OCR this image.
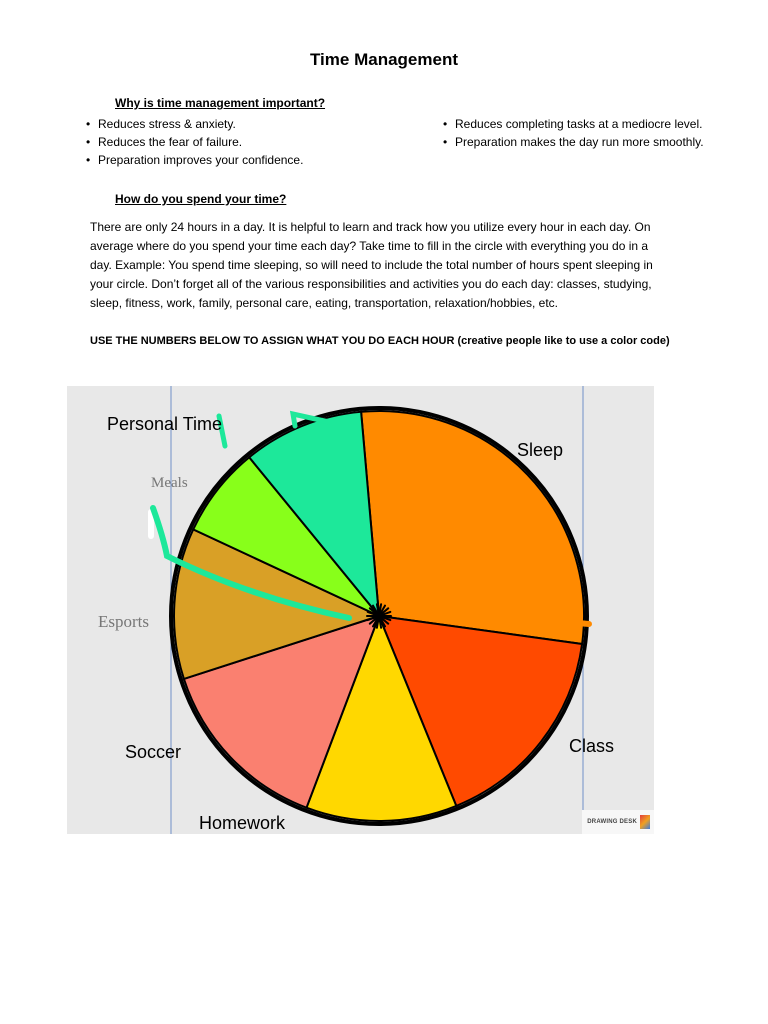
Time Management
Why is time management important?
• Reduces stress & anxiety.
• Reduces the fear of failure.
• Preparation improves your confidence.
• Reduces completing tasks at a mediocre level.
• Preparation makes the day run more smoothly.
How do you spend your time?
There are only 24 hours in a day. It is helpful to learn and track how you utilize every hour in each day. On average where do you spend your time each day? Take time to fill in the circle with everything you do in a day. Example: You spend time sleeping, so will need to include the total number of hours spent sleeping in your circle. Don’t forget all of the various responsibilities and activities you do each day: classes, studying, sleep, fitness, work, family, personal care, eating, transportation, relaxation/hobbies, etc.
USE THE NUMBERS BELOW TO ASSIGN WHAT YOU DO EACH HOUR (creative people like to use a color code)
Sleep
Class
Homework
Soccer
Esports
Meals
Personal Time
DRAWING DESK
